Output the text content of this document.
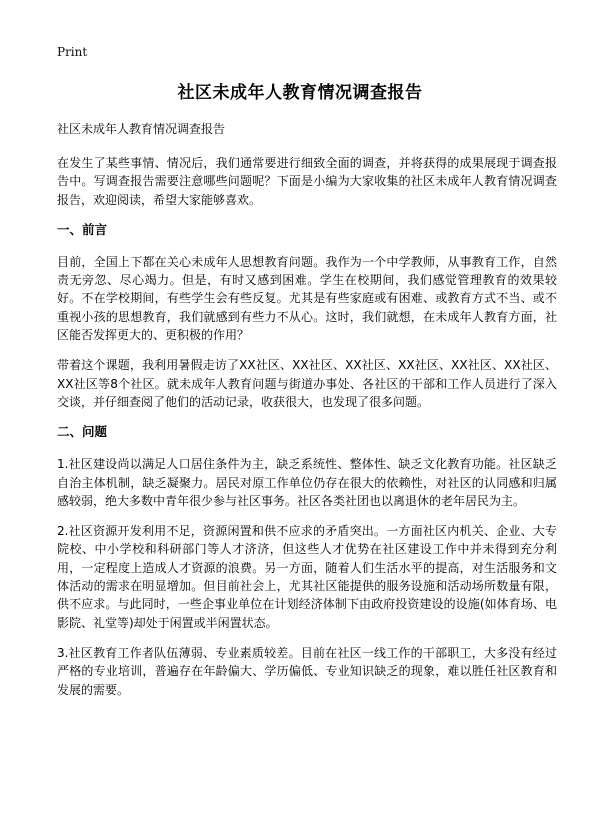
Print
社区未成年人教育情况调查报告

社区未成年人教育情况调查报告

在发生了某些事情、情况后，我们通常要进行细致全面的调查，并将获得的成果展现于调查报告中。写调查报告需要注意哪些问题呢？下面是小编为大家收集的社区未成年人教育情况调查报告，欢迎阅读，希望大家能够喜欢。

一、前言

目前，全国上下都在关心未成年人思想教育问题。我作为一个中学教师，从事教育工作，自然责无旁忽、尽心竭力。但是，有时又感到困难。学生在校期间，我们感觉管理教育的效果较好。不在学校期间，有些学生会有些反复。尤其是有些家庭或有困难、或教育方式不当、或不重视小孩的思想教育，我们就感到有些力不从心。这时，我们就想，在未成年人教育方面，社区能否发挥更大的、更积极的作用？

带着这个课题，我利用暑假走访了XX社区、XX社区、XX社区、XX社区、XX社区、XX社区、XX社区等8个社区。就未成年人教育问题与街道办事处、各社区的干部和工作人员进行了深入交谈，并仔细查阅了他们的活动记录，收获很大，也发现了很多问题。

二、问题

1.社区建设尚以满足人口居住条件为主，缺乏系统性、整体性、缺乏文化教育功能。社区缺乏自治主体机制，缺乏凝聚力。居民对原工作单位仍存在很大的依赖性，对社区的认同感和归属感较弱，绝大多数中青年很少参与社区事务。社区各类社团也以离退休的老年居民为主。

2.社区资源开发利用不足，资源闲置和供不应求的矛盾突出。一方面社区内机关、企业、大专院校、中小学校和科研部门等人才济济，但这些人才优势在社区建设工作中并未得到充分利用，一定程度上造成人才资源的浪费。另一方面，随着人们生活水平的提高，对生活服务和文体活动的需求在明显增加。但目前社会上，尤其社区能提供的服务设施和活动场所数量有限，供不应求。与此同时，一些企事业单位在计划经济体制下由政府投资建设的设施(如体育场、电影院、礼堂等)却处于闲置或半闲置状态。

3.社区教育工作者队伍薄弱、专业素质较差。目前在社区一线工作的干部职工，大多没有经过严格的专业培训，普遍存在年龄偏大、学历偏低、专业知识缺乏的现象，难以胜任社区教育和发展的需要。
